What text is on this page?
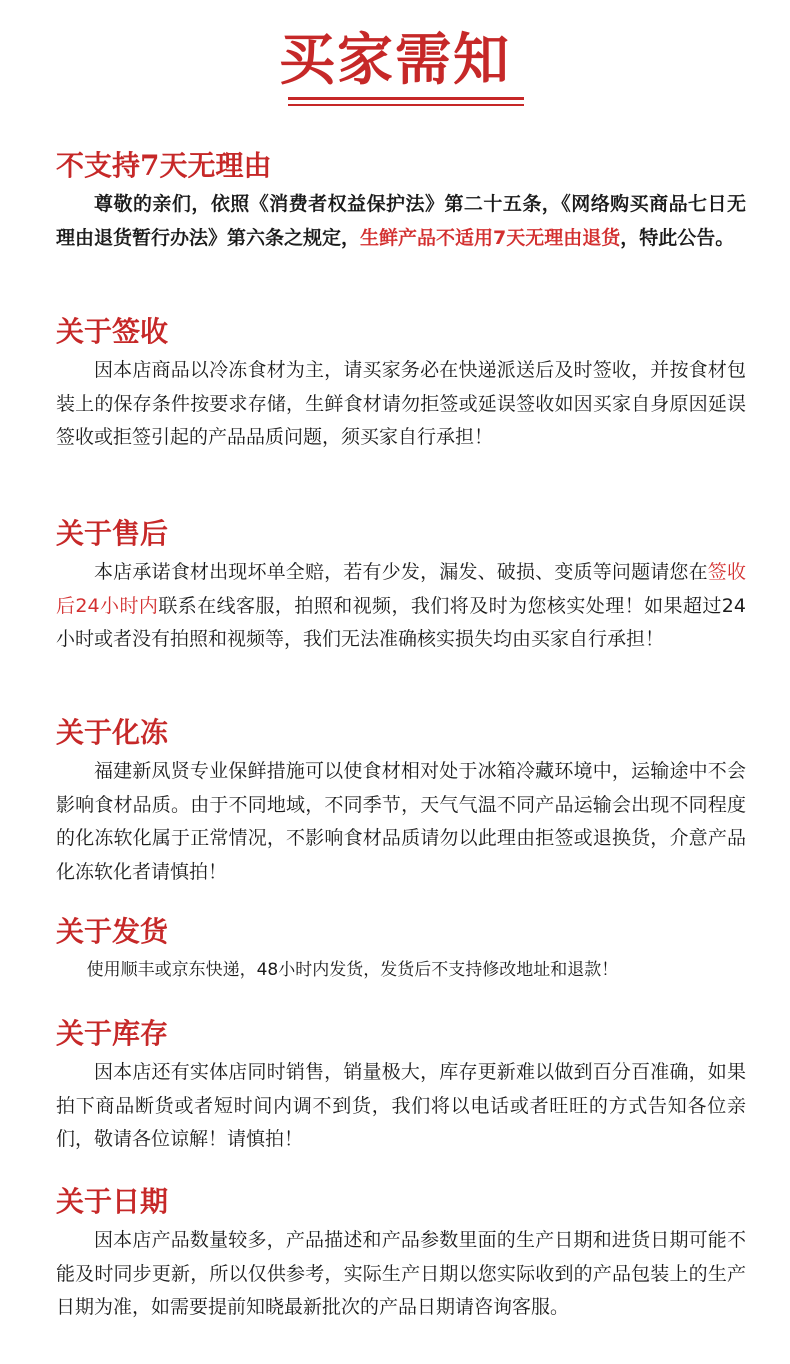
买家需知
不支持7天无理由

尊敬的亲们，依照《消费者权益保护法》第二十五条，《网络购买商品七日无理由退货暂行办法》第六条之规定，生鲜产品不适用7天无理由退货，特此公告。

关于签收

因本店商品以冷冻食材为主，请买家务必在快递派送后及时签收，并按食材包装上的保存条件按要求存储，生鲜食材请勿拒签或延误签收如因买家自身原因延误签收或拒签引起的产品品质问题，须买家自行承担！

关于售后

本店承诺食材出现坏单全赔，若有少发，漏发、破损、变质等问题请您在签收后24小时内联系在线客服，拍照和视频，我们将及时为您核实处理！如果超过24小时或者没有拍照和视频等，我们无法准确核实损失均由买家自行承担！

关于化冻

福建新凤贤专业保鲜措施可以使食材相对处于冰箱冷藏环境中，运输途中不会影响食材品质。由于不同地域，不同季节，天气气温不同产品运输会出现不同程度的化冻软化属于正常情况，不影响食材品质请勿以此理由拒签或退换货，介意产品化冻软化者请慎拍！

关于发货

使用顺丰或京东快递，48小时内发货，发货后不支持修改地址和退款！

关于库存

因本店还有实体店同时销售，销量极大，库存更新难以做到百分百准确，如果拍下商品断货或者短时间内调不到货，我们将以电话或者旺旺的方式告知各位亲们，敬请各位谅解！请慎拍！

关于日期

因本店产品数量较多，产品描述和产品参数里面的生产日期和进货日期可能不能及时同步更新，所以仅供参考，实际生产日期以您实际收到的产品包装上的生产日期为准，如需要提前知晓最新批次的产品日期请咨询客服。
